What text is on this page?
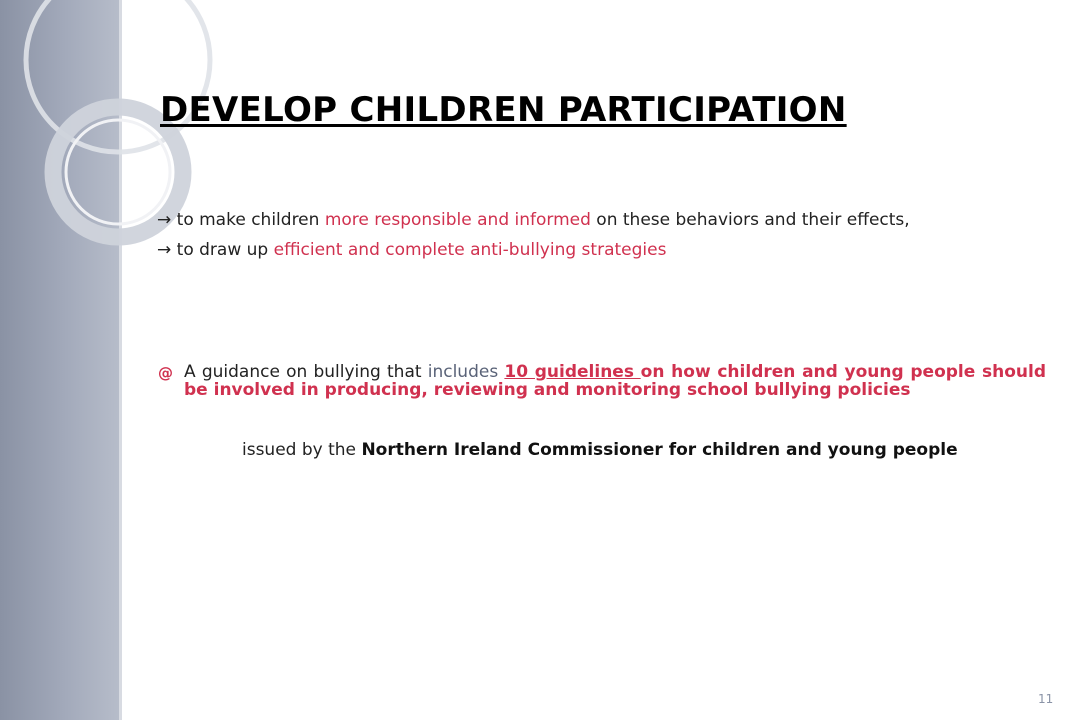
DEVELOP CHILDREN PARTICIPATION
→ to make children more responsible and informed on these behaviors and their effects,
→ to draw up efficient and complete anti-bullying strategies
@ A guidance on bullying that includes 10 guidelines on how children and young people should be involved in producing, reviewing and monitoring school bullying policies
issued by the Northern Ireland Commissioner for children and young people
11
